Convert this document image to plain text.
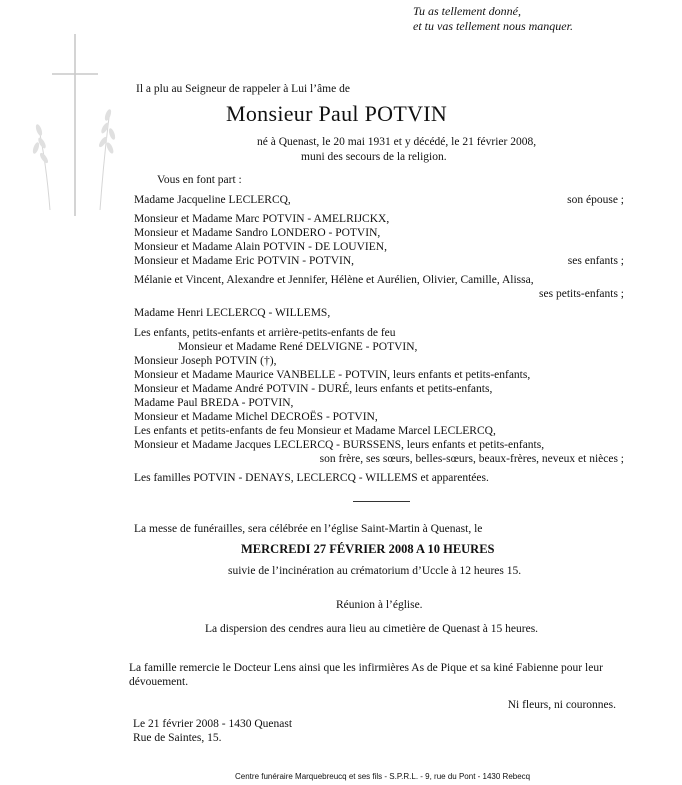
Tu as tellement donné,
et tu vas tellement nous manquer.
Il a plu au Seigneur de rappeler à Lui l’âme de
Monsieur Paul POTVIN
né à Quenast, le 20 mai 1931 et y décédé, le 21 février 2008,
muni des secours de la religion.
Vous en font part :
Madame Jacqueline LECLERCQ,	son épouse ;
Monsieur et Madame Marc POTVIN - AMELRIJCKX,
Monsieur et Madame Sandro LONDERO - POTVIN,
Monsieur et Madame Alain POTVIN - DE LOUVIEN,
Monsieur et Madame Eric POTVIN - POTVIN,	ses enfants ;
Mélanie et Vincent, Alexandre et Jennifer, Hélène et Aurélien, Olivier, Camille, Alissa,
ses petits-enfants ;
Madame Henri LECLERCQ - WILLEMS,
Les enfants, petits-enfants et arrière-petits-enfants de feu
Monsieur et Madame René DELVIGNE - POTVIN,
Monsieur Joseph POTVIN (†),
Monsieur et Madame Maurice VANBELLE - POTVIN, leurs enfants et petits-enfants,
Monsieur et Madame André POTVIN - DURÉ, leurs enfants et petits-enfants,
Madame Paul BREDA - POTVIN,
Monsieur et Madame Michel DECROËS - POTVIN,
Les enfants et petits-enfants de feu Monsieur et Madame Marcel LECLERCQ,
Monsieur et Madame Jacques LECLERCQ - BURSSENS, leurs enfants et petits-enfants,
son frère, ses sœurs, belles-sœurs, beaux-frères, neveux et nièces ;
Les familles POTVIN - DENAYS, LECLERCQ - WILLEMS et apparentées.
La messe de funérailles, sera célébrée en l’église Saint-Martin à Quenast, le
MERCREDI 27 FÉVRIER 2008 A 10 HEURES
suivie de l’incinération au crématorium d’Uccle à 12 heures 15.
Réunion à l’église.
La dispersion des cendres aura lieu au cimetière de Quenast à 15 heures.
La famille remercie le Docteur Lens ainsi que les infirmières As de Pique et sa kiné Fabienne pour leur
dévouement.
Ni fleurs, ni couronnes.
Le 21 février 2008 - 1430 Quenast
Rue de Saintes, 15.
Centre funéraire Marquebreucq et ses fils - S.P.R.L. - 9, rue du Pont - 1430 Rebecq
